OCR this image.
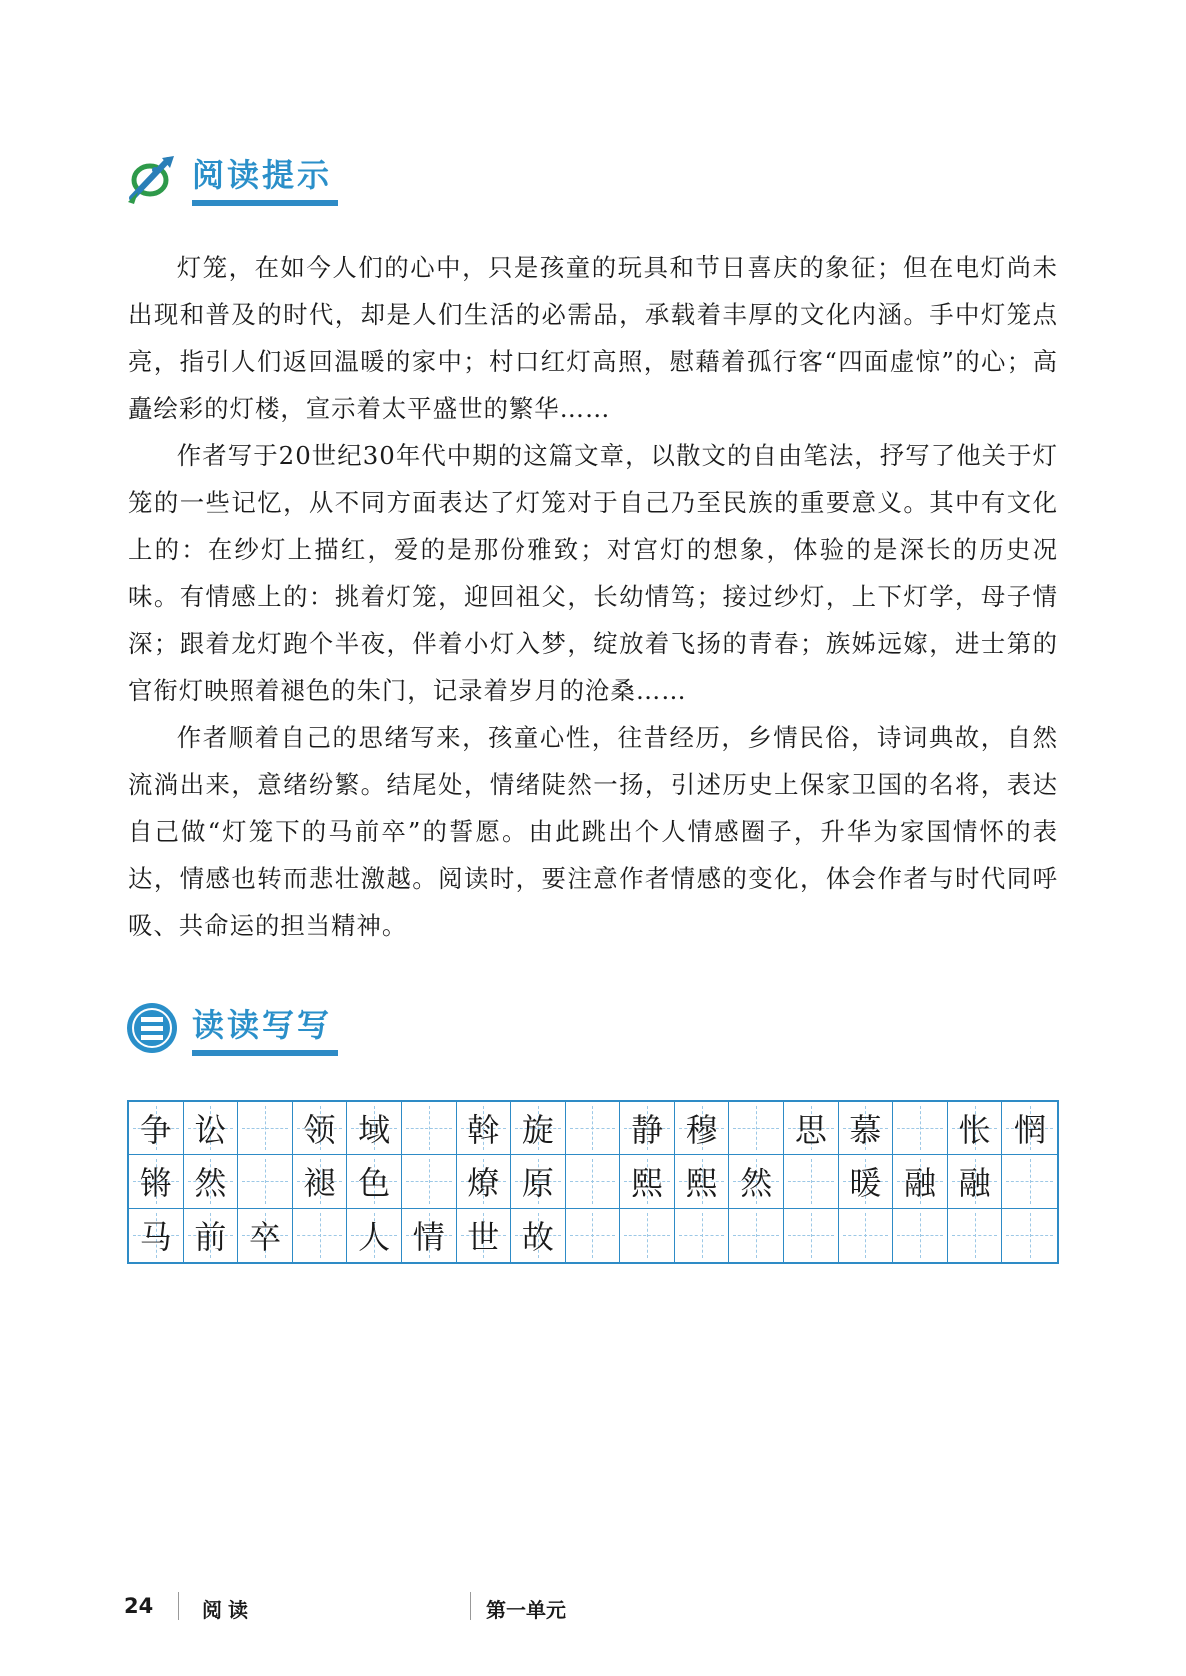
阅读提示

灯笼，在如今人们的心中，只是孩童的玩具和节日喜庆的象征；但在电灯尚未出现和普及的时代，却是人们生活的必需品，承载着丰厚的文化内涵。手中灯笼点亮，指引人们返回温暖的家中；村口红灯高照，慰藉着孤行客“四面虚惊”的心；高矗绘彩的灯楼，宣示着太平盛世的繁华……

作者写于20世纪30年代中期的这篇文章，以散文的自由笔法，抒写了他关于灯笼的一些记忆，从不同方面表达了灯笼对于自己乃至民族的重要意义。其中有文化上的：在纱灯上描红，爱的是那份雅致；对宫灯的想象，体验的是深长的历史况味。有情感上的：挑着灯笼，迎回祖父，长幼情笃；接过纱灯，上下灯学，母子情深；跟着龙灯跑个半夜，伴着小灯入梦，绽放着飞扬的青春；族姊远嫁，进士第的官衔灯映照着褪色的朱门，记录着岁月的沧桑……

作者顺着自己的思绪写来，孩童心性，往昔经历，乡情民俗，诗词典故，自然流淌出来，意绪纷繁。结尾处，情绪陡然一扬，引述历史上保家卫国的名将，表达自己做“灯笼下的马前卒”的誓愿。由此跳出个人情感圈子，升华为家国情怀的表达，情感也转而悲壮激越。阅读时，要注意作者情感的变化，体会作者与时代同呼吸、共命运的担当精神。

读读写写
争 讼 领 域 斡 旋 静 穆 思 慕 怅 惘
锵 然 褪 色 燎 原 熙 熙 然 暖 融 融
马 前 卒 人 情 世 故
24 阅读	第一单元
